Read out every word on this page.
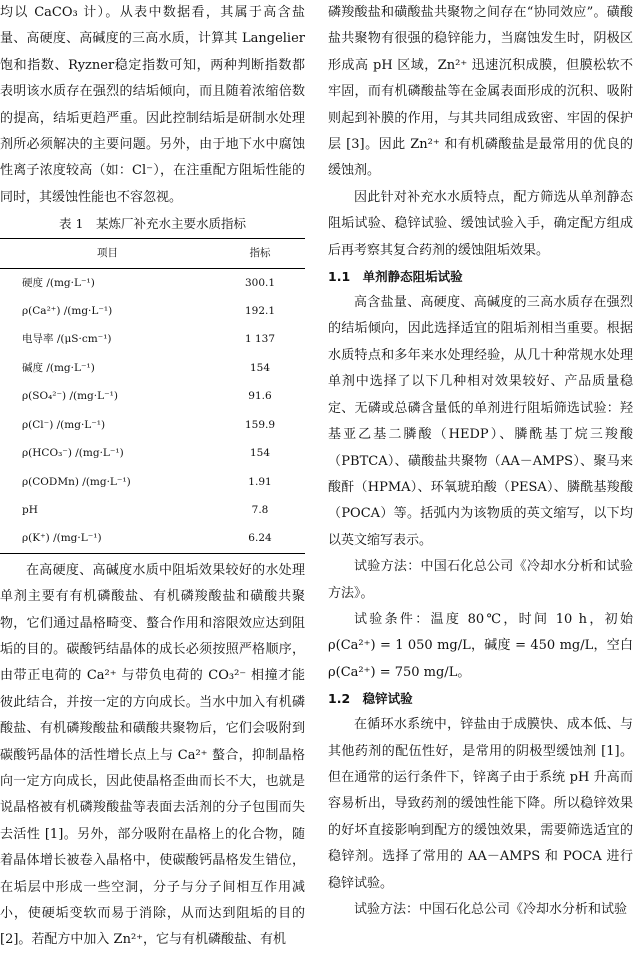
均以 CaCO₃ 计）。从表中数据看，其属于高含盐量、高硬度、高碱度的三高水质，计算其 Langelier饱和指数、Ryzner稳定指数可知，两种判断指数都表明该水质存在强烈的结垢倾向，而且随着浓缩倍数的提高，结垢更趋严重。因此控制结垢是研制水处理剂所必须解决的主要问题。另外，由于地下水中腐蚀性离子浓度较高（如：Cl⁻），在注重配方阻垢性能的同时，其缓蚀性能也不容忽视。

表 1　某炼厂补充水主要水质指标
项目	指标
硬度 /(mg·L⁻¹)	300.1
ρ(Ca²⁺) /(mg·L⁻¹)	192.1
电导率 /(μS·cm⁻¹)	1 137
碱度 /(mg·L⁻¹)	154
ρ(SO₄²⁻) /(mg·L⁻¹)	91.6
ρ(Cl⁻) /(mg·L⁻¹)	159.9
ρ(HCO₃⁻) /(mg·L⁻¹)	154
ρ(CODMn) /(mg·L⁻¹)	1.91
pH	7.8
ρ(K⁺) /(mg·L⁻¹)	6.24

在高硬度、高碱度水质中阻垢效果较好的水处理单剂主要有有机磷酸盐、有机磷羧酸盐和磺酸共聚物，它们通过晶格畸变、螯合作用和溶限效应达到阻垢的目的。碳酸钙结晶体的成长必须按照严格顺序，由带正电荷的 Ca²⁺ 与带负电荷的 CO₃²⁻ 相撞才能彼此结合，并按一定的方向成长。当水中加入有机磷酸盐、有机磷羧酸盐和磺酸共聚物后，它们会吸附到碳酸钙晶体的活性增长点上与 Ca²⁺ 螯合，抑制晶格向一定方向成长，因此使晶格歪曲而长不大，也就是说晶格被有机磷羧酸盐等表面去活剂的分子包围而失去活性 [1]。另外，部分吸附在晶格上的化合物，随着晶体增长被卷入晶格中，使碳酸钙晶格发生错位，在垢层中形成一些空洞，分子与分子间相互作用减小，使硬垢变软而易于消除，从而达到阻垢的目的 [2]。若配方中加入 Zn²⁺，它与有机磷酸盐、有机

磷羧酸盐和磺酸盐共聚物之间存在“协同效应”。磺酸盐共聚物有很强的稳锌能力，当腐蚀发生时，阴极区形成高 pH 区域，Zn²⁺ 迅速沉积成膜，但膜松软不牢固，而有机磷酸盐等在金属表面形成的沉积、吸附则起到补膜的作用，与其共同组成致密、牢固的保护层 [3]。因此 Zn²⁺ 和有机磷酸盐是最常用的优良的缓蚀剂。

因此针对补充水水质特点，配方筛选从单剂静态阻垢试验、稳锌试验、缓蚀试验入手，确定配方组成后再考察其复合药剂的缓蚀阻垢效果。

1.1　单剂静态阻垢试验

高含盐量、高硬度、高碱度的三高水质存在强烈的结垢倾向，因此选择适宜的阻垢剂相当重要。根据水质特点和多年来水处理经验，从几十种常规水处理单剂中选择了以下几种相对效果较好、产品质量稳定、无磷或总磷含量低的单剂进行阻垢筛选试验：羟基亚乙基二膦酸（HEDP）、膦酰基丁烷三羧酸（PBTCA）、磺酸盐共聚物（AA－AMPS）、聚马来酸酐（HPMA）、环氧琥珀酸（PESA）、膦酰基羧酸（POCA）等。括弧内为该物质的英文缩写，以下均以英文缩写表示。

试验方法：中国石化总公司《冷却水分析和试验方法》。

试验条件：温度 80℃，时间 10 h，初始 ρ(Ca²⁺) = 1 050 mg/L，碱度 = 450 mg/L，空白 ρ(Ca²⁺) = 750 mg/L。

1.2　稳锌试验

在循环水系统中，锌盐由于成膜快、成本低、与其他药剂的配伍性好，是常用的阴极型缓蚀剂 [1]。但在通常的运行条件下，锌离子由于系统 pH 升高而容易析出，导致药剂的缓蚀性能下降。所以稳锌效果的好坏直接影响到配方的缓蚀效果，需要筛选适宜的稳锌剂。选择了常用的 AA－AMPS 和 POCA 进行稳锌试验。

试验方法：中国石化总公司《冷却水分析和试验
